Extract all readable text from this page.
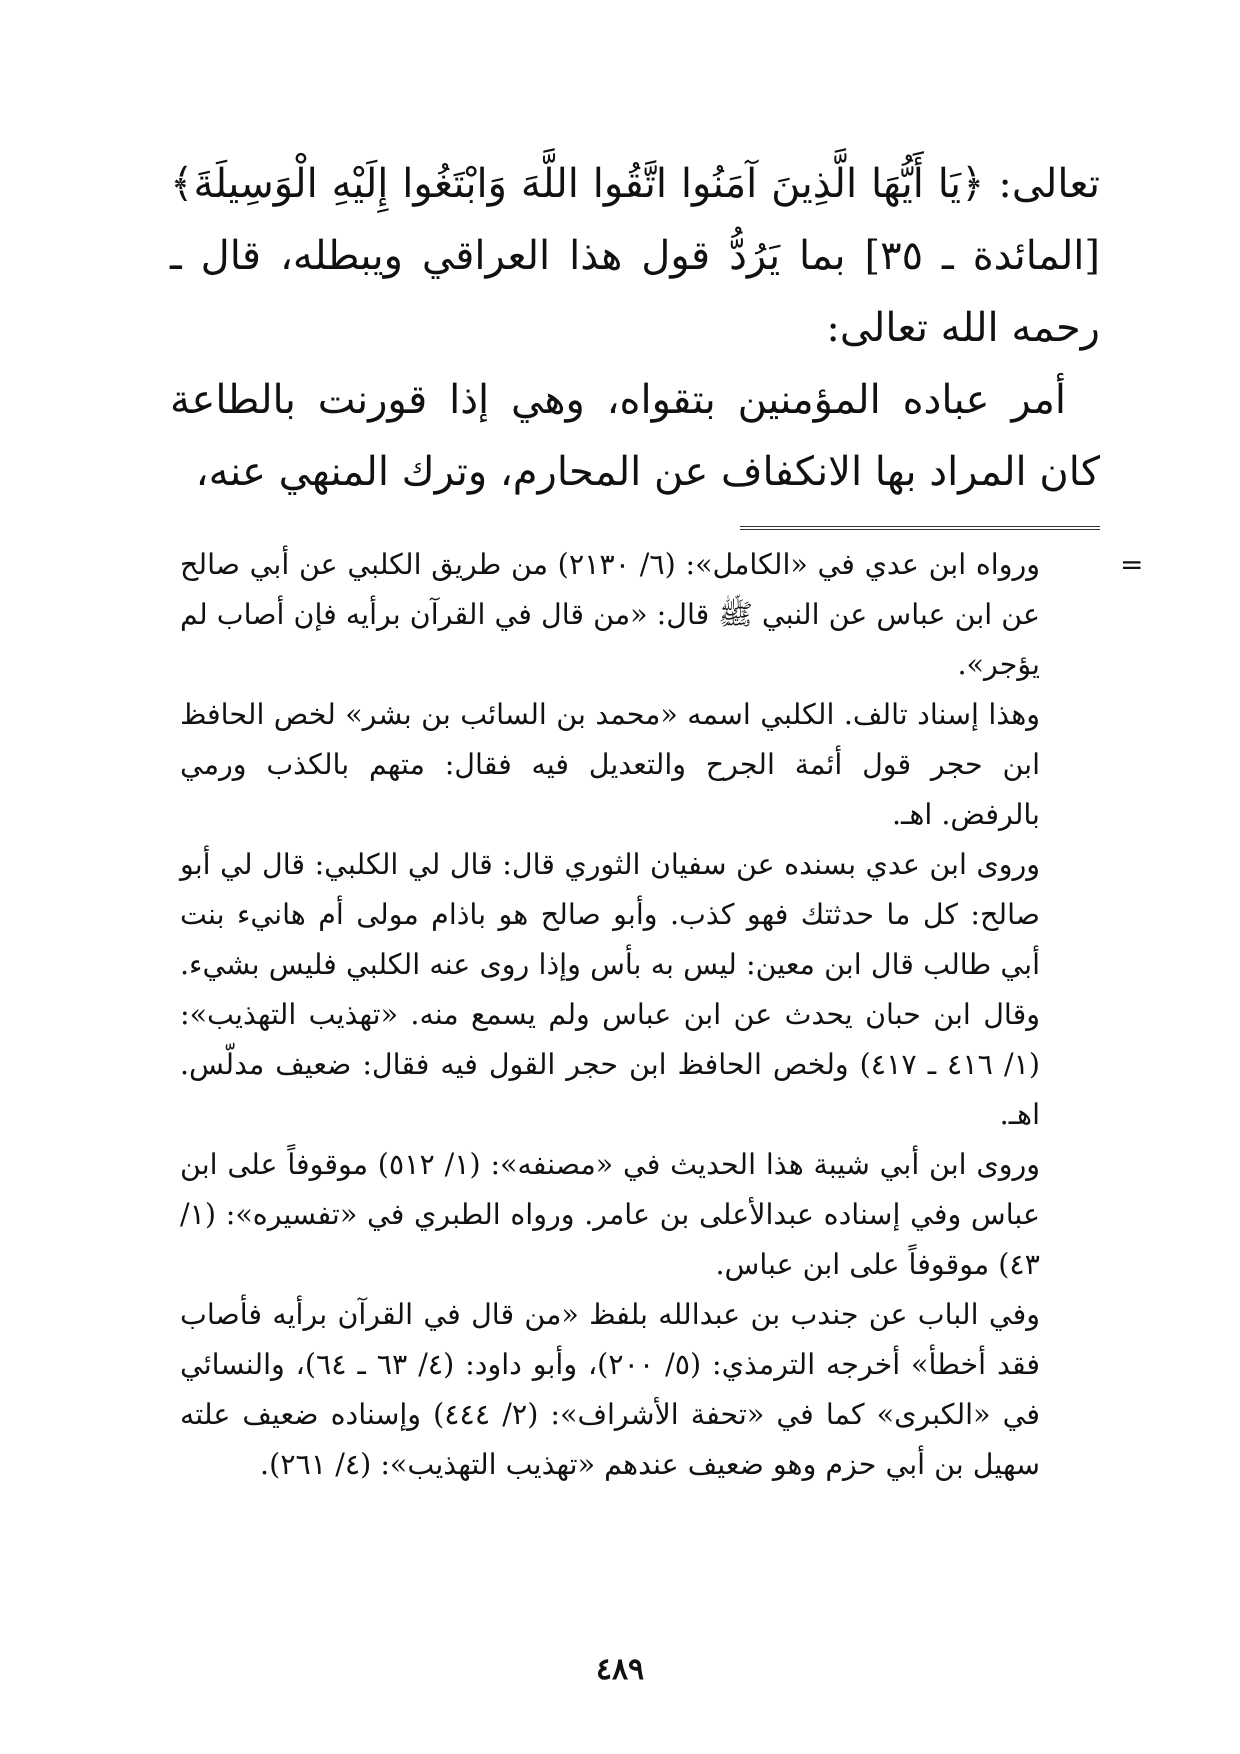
تعالى: ﴿يَا أَيُّهَا الَّذِينَ آمَنُوا اتَّقُوا اللَّهَ وَابْتَغُوا إِلَيْهِ الْوَسِيلَةَ﴾ [المائدة ـ ٣٥] بما يَرُدُّ قول هذا العراقي ويبطله، قال ـ رحمه الله تعالى:

أمر عباده المؤمنين بتقواه، وهي إذا قورنت بالطاعة كان المراد بها الانكفاف عن المحارم، وترك المنهي عنه،

=

ورواه ابن عدي في «الكامل»: (٦/ ٢١٣٠) من طريق الكلبي عن أبي صالح عن ابن عباس عن النبي ﷺ قال: «من قال في القرآن برأيه فإن أصاب لم يؤجر».

وهذا إسناد تالف. الكلبي اسمه «محمد بن السائب بن بشر» لخص الحافظ ابن حجر قول أئمة الجرح والتعديل فيه فقال: متهم بالكذب ورمي بالرفض. اهـ.

وروى ابن عدي بسنده عن سفيان الثوري قال: قال لي الكلبي: قال لي أبو صالح: كل ما حدثتك فهو كذب. وأبو صالح هو باذام مولى أم هانيء بنت أبي طالب قال ابن معين: ليس به بأس وإذا روى عنه الكلبي فليس بشيء. وقال ابن حبان يحدث عن ابن عباس ولم يسمع منه. «تهذيب التهذيب»: (١/ ٤١٦ ـ ٤١٧) ولخص الحافظ ابن حجر القول فيه فقال: ضعيف مدلّس. اهـ.

وروى ابن أبي شيبة هذا الحديث في «مصنفه»: (١/ ٥١٢) موقوفاً على ابن عباس وفي إسناده عبدالأعلى بن عامر. ورواه الطبري في «تفسيره»: (١/ ٤٣) موقوفاً على ابن عباس.

وفي الباب عن جندب بن عبدالله بلفظ «من قال في القرآن برأيه فأصاب فقد أخطأ» أخرجه الترمذي: (٥/ ٢٠٠)، وأبو داود: (٤/ ٦٣ ـ ٦٤)، والنسائي في «الكبرى» كما في «تحفة الأشراف»: (٢/ ٤٤٤) وإسناده ضعيف علته سهيل بن أبي حزم وهو ضعيف عندهم «تهذيب التهذيب»: (٤/ ٢٦١).

٤٨٩
